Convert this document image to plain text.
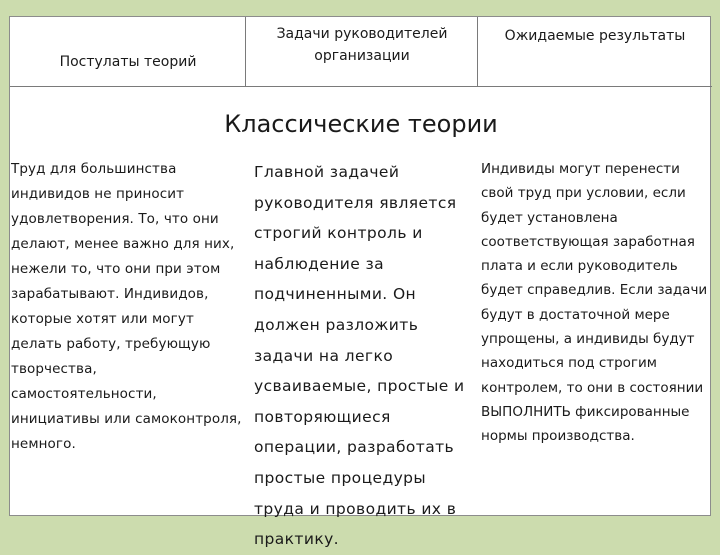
Постулаты теорий
Задачи руководителей организации
Ожидаемые результаты
Классические теории
Труд для большинства индивидов не приносит удовлетворения. То, что они делают, менее важно для них, нежели то, что они при этом зарабатывают. Индивидов, которые хотят или могут делать работу, требующую творчества, самостоятельности, инициативы или самоконтроля, немного.
Главной задачей руководителя является строгий контроль и наблюдение за подчиненными. Он должен разложить задачи на легко усваиваемые, простые и повторяющиеся операции, разработать простые процедуры труда и проводить их в практику.
Индивиды могут перенести свой труд при условии, если будет установлена соответствующая заработная плата и если руководитель будет справедлив. Если задачи будут в достаточной мере упрощены, а индивиды будут находиться под строгим контролем, то они в состоянии ВЫПОЛНИТЬ фиксированные нормы производства.
